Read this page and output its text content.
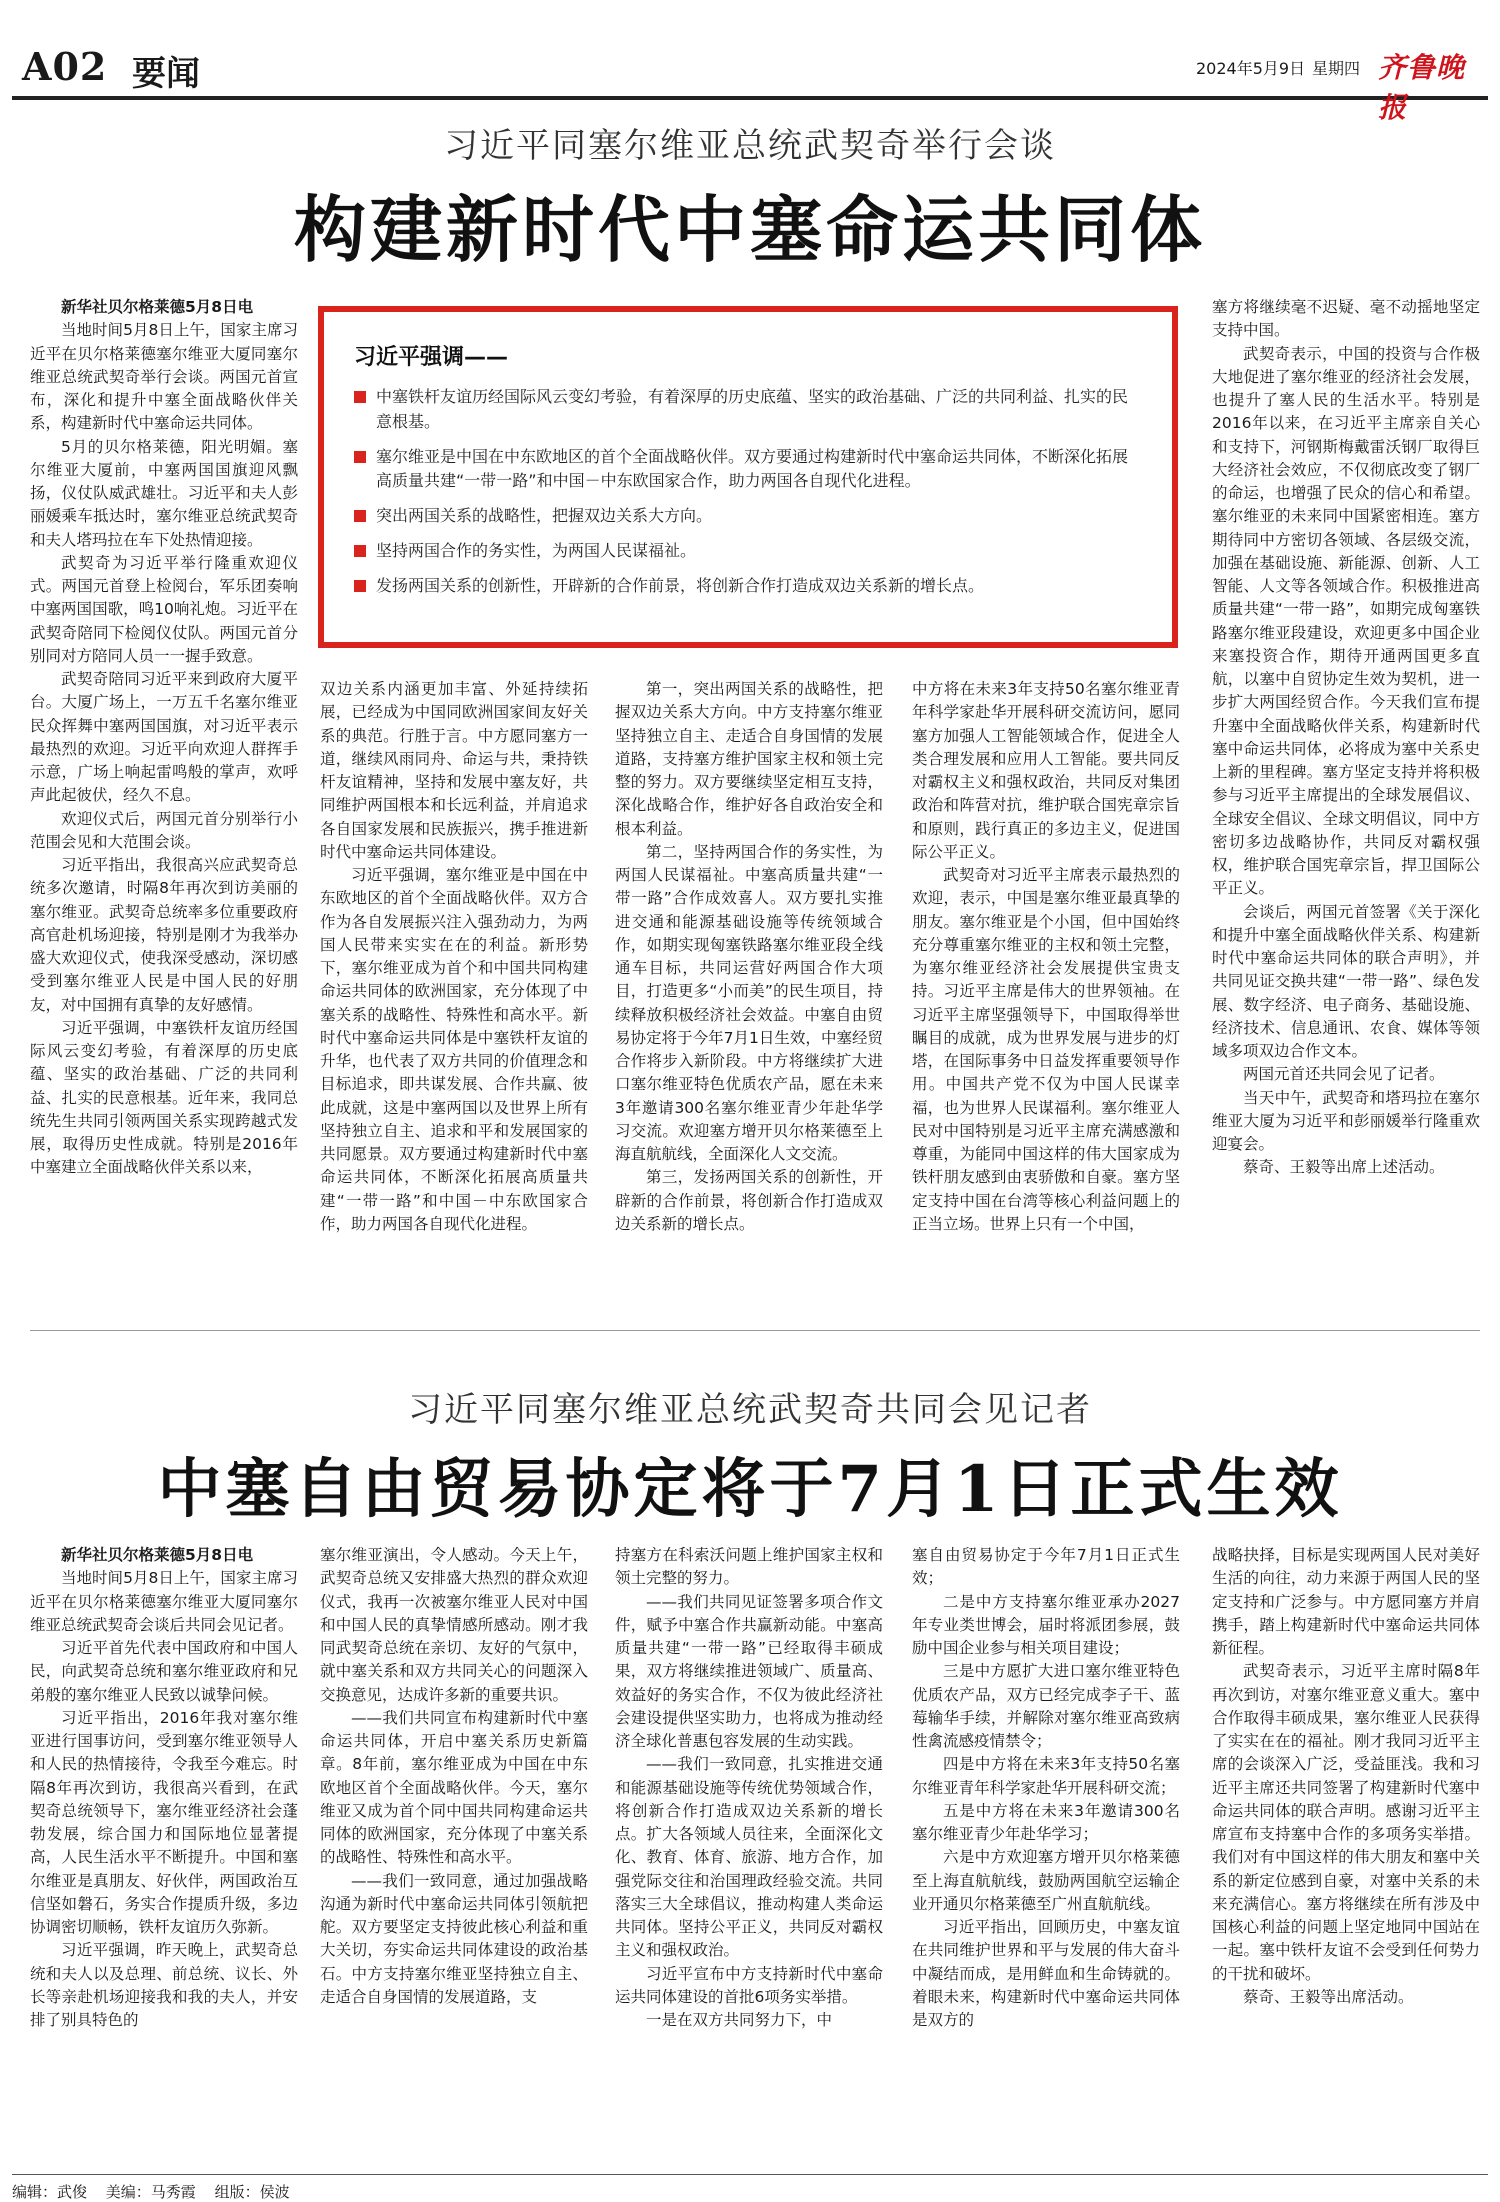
A02 要闻	2024年5月9日 星期四 齐鲁晚报
习近平同塞尔维亚总统武契奇举行会谈
构建新时代中塞命运共同体
习近平强调——
中塞铁杆友谊历经国际风云变幻考验，有着深厚的历史底蕴、坚实的政治基础、广泛的共同利益、扎实的民意根基。
塞尔维亚是中国在中东欧地区的首个全面战略伙伴。双方要通过构建新时代中塞命运共同体，不断深化拓展高质量共建“一带一路”和中国－中东欧国家合作，助力两国各自现代化进程。
突出两国关系的战略性，把握双边关系大方向。
坚持两国合作的务实性，为两国人民谋福祉。
发扬两国关系的创新性，开辟新的合作前景，将创新合作打造成双边关系新的增长点。

新华社贝尔格莱德5月8日电

当地时间5月8日上午，国家主席习近平在贝尔格莱德塞尔维亚大厦同塞尔维亚总统武契奇举行会谈。两国元首宣布，深化和提升中塞全面战略伙伴关系，构建新时代中塞命运共同体。

5月的贝尔格莱德，阳光明媚。塞尔维亚大厦前，中塞两国国旗迎风飘扬，仪仗队威武雄壮。习近平和夫人彭丽媛乘车抵达时，塞尔维亚总统武契奇和夫人塔玛拉在车下处热情迎接。

武契奇为习近平举行隆重欢迎仪式。两国元首登上检阅台，军乐团奏响中塞两国国歌，鸣10响礼炮。习近平在武契奇陪同下检阅仪仗队。两国元首分别同对方陪同人员一一握手致意。

武契奇陪同习近平来到政府大厦平台。大厦广场上，一万五千名塞尔维亚民众挥舞中塞两国国旗，对习近平表示最热烈的欢迎。习近平向欢迎人群挥手示意，广场上响起雷鸣般的掌声，欢呼声此起彼伏，经久不息。

欢迎仪式后，两国元首分别举行小范围会见和大范围会谈。

习近平指出，我很高兴应武契奇总统多次邀请，时隔8年再次到访美丽的塞尔维亚。武契奇总统率多位重要政府高官赴机场迎接，特别是刚才为我举办盛大欢迎仪式，使我深受感动，深切感受到塞尔维亚人民是中国人民的好朋友，对中国拥有真挚的友好感情。

习近平强调，中塞铁杆友谊历经国际风云变幻考验，有着深厚的历史底蕴、坚实的政治基础、广泛的共同利益、扎实的民意根基。近年来，我同总统先生共同引领两国关系实现跨越式发展，取得历史性成就。特别是2016年中塞建立全面战略伙伴关系以来，

双边关系内涵更加丰富、外延持续拓展，已经成为中国同欧洲国家间友好关系的典范。行胜于言。中方愿同塞方一道，继续风雨同舟、命运与共，秉持铁杆友谊精神，坚持和发展中塞友好，共同维护两国根本和长远利益，并肩追求各自国家发展和民族振兴，携手推进新时代中塞命运共同体建设。

习近平强调，塞尔维亚是中国在中东欧地区的首个全面战略伙伴。双方合作为各自发展振兴注入强劲动力，为两国人民带来实实在在的利益。新形势下，塞尔维亚成为首个和中国共同构建命运共同体的欧洲国家，充分体现了中塞关系的战略性、特殊性和高水平。新时代中塞命运共同体是中塞铁杆友谊的升华，也代表了双方共同的价值理念和目标追求，即共谋发展、合作共赢、彼此成就，这是中塞两国以及世界上所有坚持独立自主、追求和平和发展国家的共同愿景。双方要通过构建新时代中塞命运共同体，不断深化拓展高质量共建“一带一路”和中国－中东欧国家合作，助力两国各自现代化进程。

第一，突出两国关系的战略性，把握双边关系大方向。中方支持塞尔维亚坚持独立自主、走适合自身国情的发展道路，支持塞方维护国家主权和领土完整的努力。双方要继续坚定相互支持，深化战略合作，维护好各自政治安全和根本利益。

第二，坚持两国合作的务实性，为两国人民谋福祉。中塞高质量共建“一带一路”合作成效喜人。双方要扎实推进交通和能源基础设施等传统领域合作，如期实现匈塞铁路塞尔维亚段全线通车目标，共同运营好两国合作大项目，打造更多“小而美”的民生项目，持续释放积极经济社会效益。中塞自由贸易协定将于今年7月1日生效，中塞经贸合作将步入新阶段。中方将继续扩大进口塞尔维亚特色优质农产品，愿在未来3年邀请300名塞尔维亚青少年赴华学习交流。欢迎塞方增开贝尔格莱德至上海直航航线，全面深化人文交流。

第三，发扬两国关系的创新性，开辟新的合作前景，将创新合作打造成双边关系新的增长点。

中方将在未来3年支持50名塞尔维亚青年科学家赴华开展科研交流访问，愿同塞方加强人工智能领域合作，促进全人类合理发展和应用人工智能。要共同反对霸权主义和强权政治，共同反对集团政治和阵营对抗，维护联合国宪章宗旨和原则，践行真正的多边主义，促进国际公平正义。

武契奇对习近平主席表示最热烈的欢迎，表示，中国是塞尔维亚最真挚的朋友。塞尔维亚是个小国，但中国始终充分尊重塞尔维亚的主权和领土完整，为塞尔维亚经济社会发展提供宝贵支持。习近平主席是伟大的世界领袖。在习近平主席坚强领导下，中国取得举世瞩目的成就，成为世界发展与进步的灯塔，在国际事务中日益发挥重要领导作用。中国共产党不仅为中国人民谋幸福，也为世界人民谋福利。塞尔维亚人民对中国特别是习近平主席充满感激和尊重，为能同中国这样的伟大国家成为铁杆朋友感到由衷骄傲和自豪。塞方坚定支持中国在台湾等核心利益问题上的正当立场。世界上只有一个中国，

塞方将继续毫不迟疑、毫不动摇地坚定支持中国。

武契奇表示，中国的投资与合作极大地促进了塞尔维亚的经济社会发展，也提升了塞人民的生活水平。特别是2016年以来，在习近平主席亲自关心和支持下，河钢斯梅戴雷沃钢厂取得巨大经济社会效应，不仅彻底改变了钢厂的命运，也增强了民众的信心和希望。塞尔维亚的未来同中国紧密相连。塞方期待同中方密切各领域、各层级交流，加强在基础设施、新能源、创新、人工智能、人文等各领域合作。积极推进高质量共建“一带一路”，如期完成匈塞铁路塞尔维亚段建设，欢迎更多中国企业来塞投资合作，期待开通两国更多直航，以塞中自贸协定生效为契机，进一步扩大两国经贸合作。今天我们宣布提升塞中全面战略伙伴关系，构建新时代塞中命运共同体，必将成为塞中关系史上新的里程碑。塞方坚定支持并将积极参与习近平主席提出的全球发展倡议、全球安全倡议、全球文明倡议，同中方密切多边战略协作，共同反对霸权强权，维护联合国宪章宗旨，捍卫国际公平正义。

会谈后，两国元首签署《关于深化和提升中塞全面战略伙伴关系、构建新时代中塞命运共同体的联合声明》，并共同见证交换共建“一带一路”、绿色发展、数字经济、电子商务、基础设施、经济技术、信息通讯、农食、媒体等领域多项双边合作文本。

两国元首还共同会见了记者。

当天中午，武契奇和塔玛拉在塞尔维亚大厦为习近平和彭丽媛举行隆重欢迎宴会。

蔡奇、王毅等出席上述活动。

习近平同塞尔维亚总统武契奇共同会见记者
中塞自由贸易协定将于7月1日正式生效

新华社贝尔格莱德5月8日电

当地时间5月8日上午，国家主席习近平在贝尔格莱德塞尔维亚大厦同塞尔维亚总统武契奇会谈后共同会见记者。

习近平首先代表中国政府和中国人民，向武契奇总统和塞尔维亚政府和兄弟般的塞尔维亚人民致以诚挚问候。

习近平指出，2016年我对塞尔维亚进行国事访问，受到塞尔维亚领导人和人民的热情接待，令我至今难忘。时隔8年再次到访，我很高兴看到，在武契奇总统领导下，塞尔维亚经济社会蓬勃发展，综合国力和国际地位显著提高，人民生活水平不断提升。中国和塞尔维亚是真朋友、好伙伴，两国政治互信坚如磐石，务实合作提质升级，多边协调密切顺畅，铁杆友谊历久弥新。

习近平强调，昨天晚上，武契奇总统和夫人以及总理、前总统、议长、外长等亲赴机场迎接我和我的夫人，并安排了别具特色的

塞尔维亚演出，令人感动。今天上午，武契奇总统又安排盛大热烈的群众欢迎仪式，我再一次被塞尔维亚人民对中国和中国人民的真挚情感所感动。刚才我同武契奇总统在亲切、友好的气氛中，就中塞关系和双方共同关心的问题深入交换意见，达成许多新的重要共识。

——我们共同宣布构建新时代中塞命运共同体，开启中塞关系历史新篇章。8年前，塞尔维亚成为中国在中东欧地区首个全面战略伙伴。今天，塞尔维亚又成为首个同中国共同构建命运共同体的欧洲国家，充分体现了中塞关系的战略性、特殊性和高水平。

——我们一致同意，通过加强战略沟通为新时代中塞命运共同体引领航把舵。双方要坚定支持彼此核心利益和重大关切，夯实命运共同体建设的政治基石。中方支持塞尔维亚坚持独立自主、走适合自身国情的发展道路，支

持塞方在科索沃问题上维护国家主权和领土完整的努力。

——我们共同见证签署多项合作文件，赋予中塞合作共赢新动能。中塞高质量共建“一带一路”已经取得丰硕成果，双方将继续推进领域广、质量高、效益好的务实合作，不仅为彼此经济社会建设提供坚实助力，也将成为推动经济全球化普惠包容发展的生动实践。

——我们一致同意，扎实推进交通和能源基础设施等传统优势领域合作，将创新合作打造成双边关系新的增长点。扩大各领域人员往来，全面深化文化、教育、体育、旅游、地方合作，加强党际交往和治国理政经验交流。共同落实三大全球倡议，推动构建人类命运共同体。坚持公平正义，共同反对霸权主义和强权政治。

习近平宣布中方支持新时代中塞命运共同体建设的首批6项务实举措。

一是在双方共同努力下，中

塞自由贸易协定于今年7月1日正式生效；

二是中方支持塞尔维亚承办2027年专业类世博会，届时将派团参展，鼓励中国企业参与相关项目建设；

三是中方愿扩大进口塞尔维亚特色优质农产品，双方已经完成李子干、蓝莓输华手续，并解除对塞尔维亚高致病性禽流感疫情禁令；

四是中方将在未来3年支持50名塞尔维亚青年科学家赴华开展科研交流；

五是中方将在未来3年邀请300名塞尔维亚青少年赴华学习；

六是中方欢迎塞方增开贝尔格莱德至上海直航航线，鼓励两国航空运输企业开通贝尔格莱德至广州直航航线。

习近平指出，回顾历史，中塞友谊在共同维护世界和平与发展的伟大奋斗中凝结而成，是用鲜血和生命铸就的。着眼未来，构建新时代中塞命运共同体是双方的

战略抉择，目标是实现两国人民对美好生活的向往，动力来源于两国人民的坚定支持和广泛参与。中方愿同塞方并肩携手，踏上构建新时代中塞命运共同体新征程。

武契奇表示，习近平主席时隔8年再次到访，对塞尔维亚意义重大。塞中合作取得丰硕成果，塞尔维亚人民获得了实实在在的福祉。刚才我同习近平主席的会谈深入广泛，受益匪浅。我和习近平主席还共同签署了构建新时代塞中命运共同体的联合声明。感谢习近平主席宣布支持塞中合作的多项务实举措。我们对有中国这样的伟大朋友和塞中关系的新定位感到自豪，对塞中关系的未来充满信心。塞方将继续在所有涉及中国核心利益的问题上坚定地同中国站在一起。塞中铁杆友谊不会受到任何势力的干扰和破坏。

蔡奇、王毅等出席活动。

编辑：武俊 美编：马秀霞 组版：侯波
